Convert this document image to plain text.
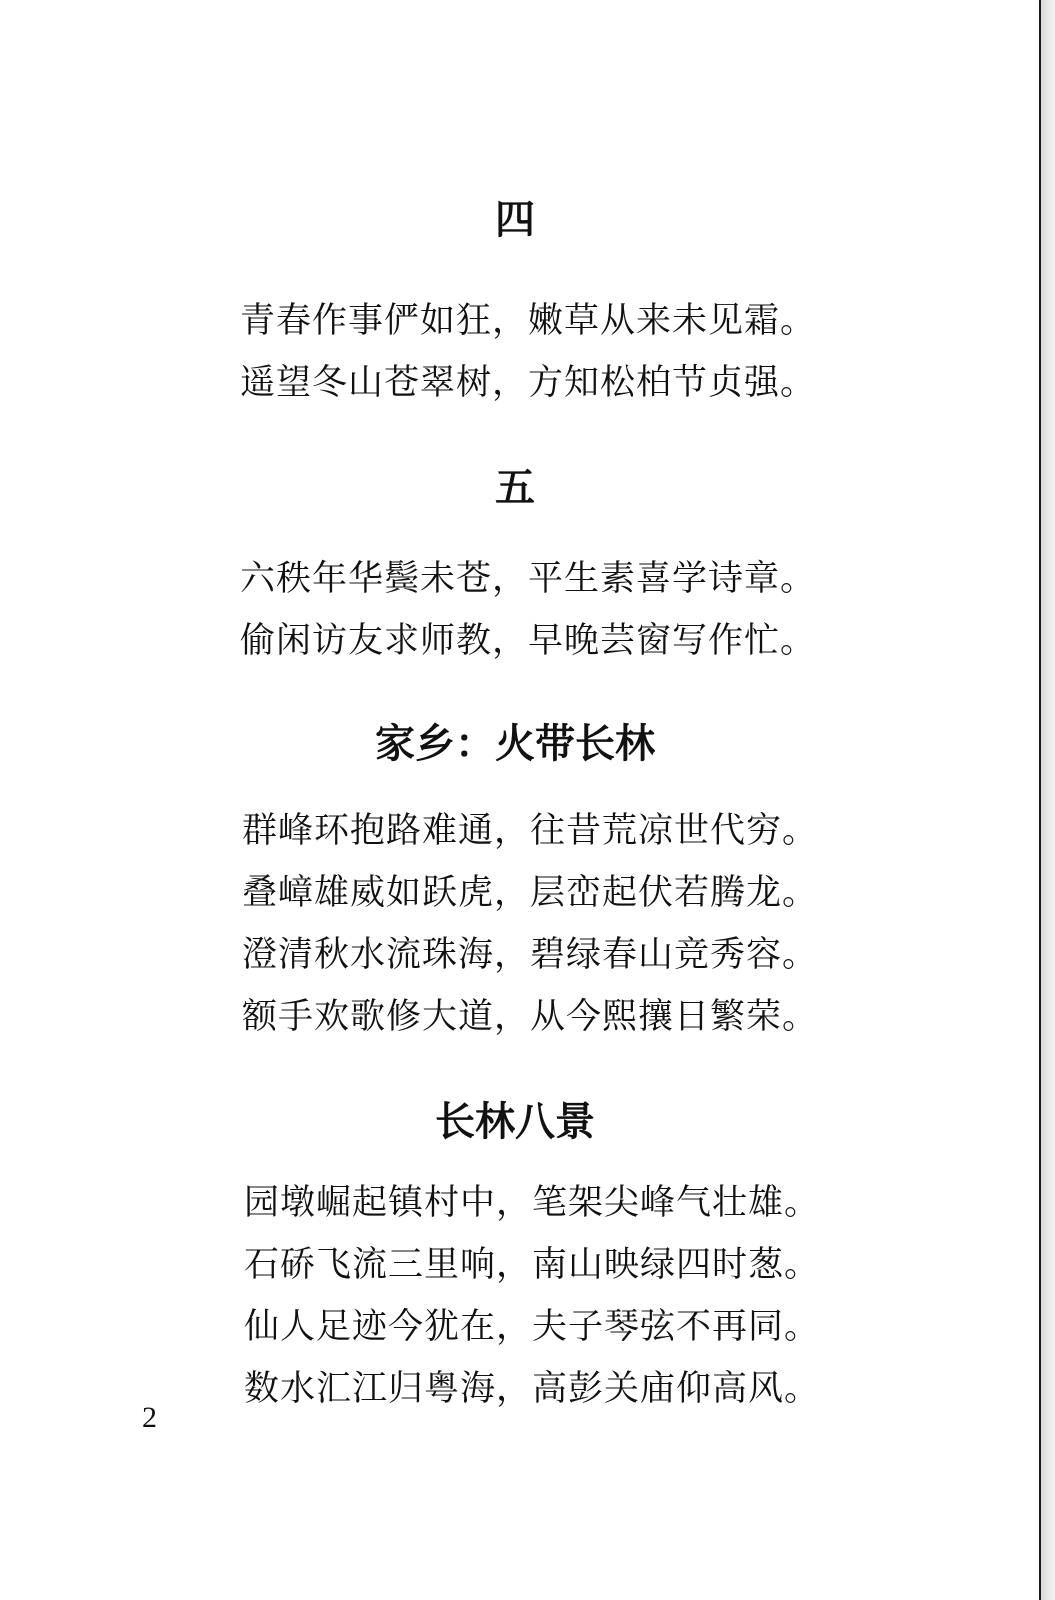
四
青春作事俨如狂，嫩草从来未见霜。
遥望冬山苍翠树，方知松柏节贞强。
五
六秩年华鬓未苍，平生素喜学诗章。
偷闲访友求师教，早晚芸窗写作忙。
家乡：火带长林
群峰环抱路难通，往昔荒凉世代穷。
叠嶂雄威如跃虎，层峦起伏若腾龙。
澄清秋水流珠海，碧绿春山竞秀容。
额手欢歌修大道，从今熙攘日繁荣。
长林八景
园墩崛起镇村中，笔架尖峰气壮雄。
石硚飞流三里响，南山映绿四时葱。
仙人足迹今犹在，夫子琴弦不再同。
数水汇江归粤海，高彭关庙仰高风。
2
